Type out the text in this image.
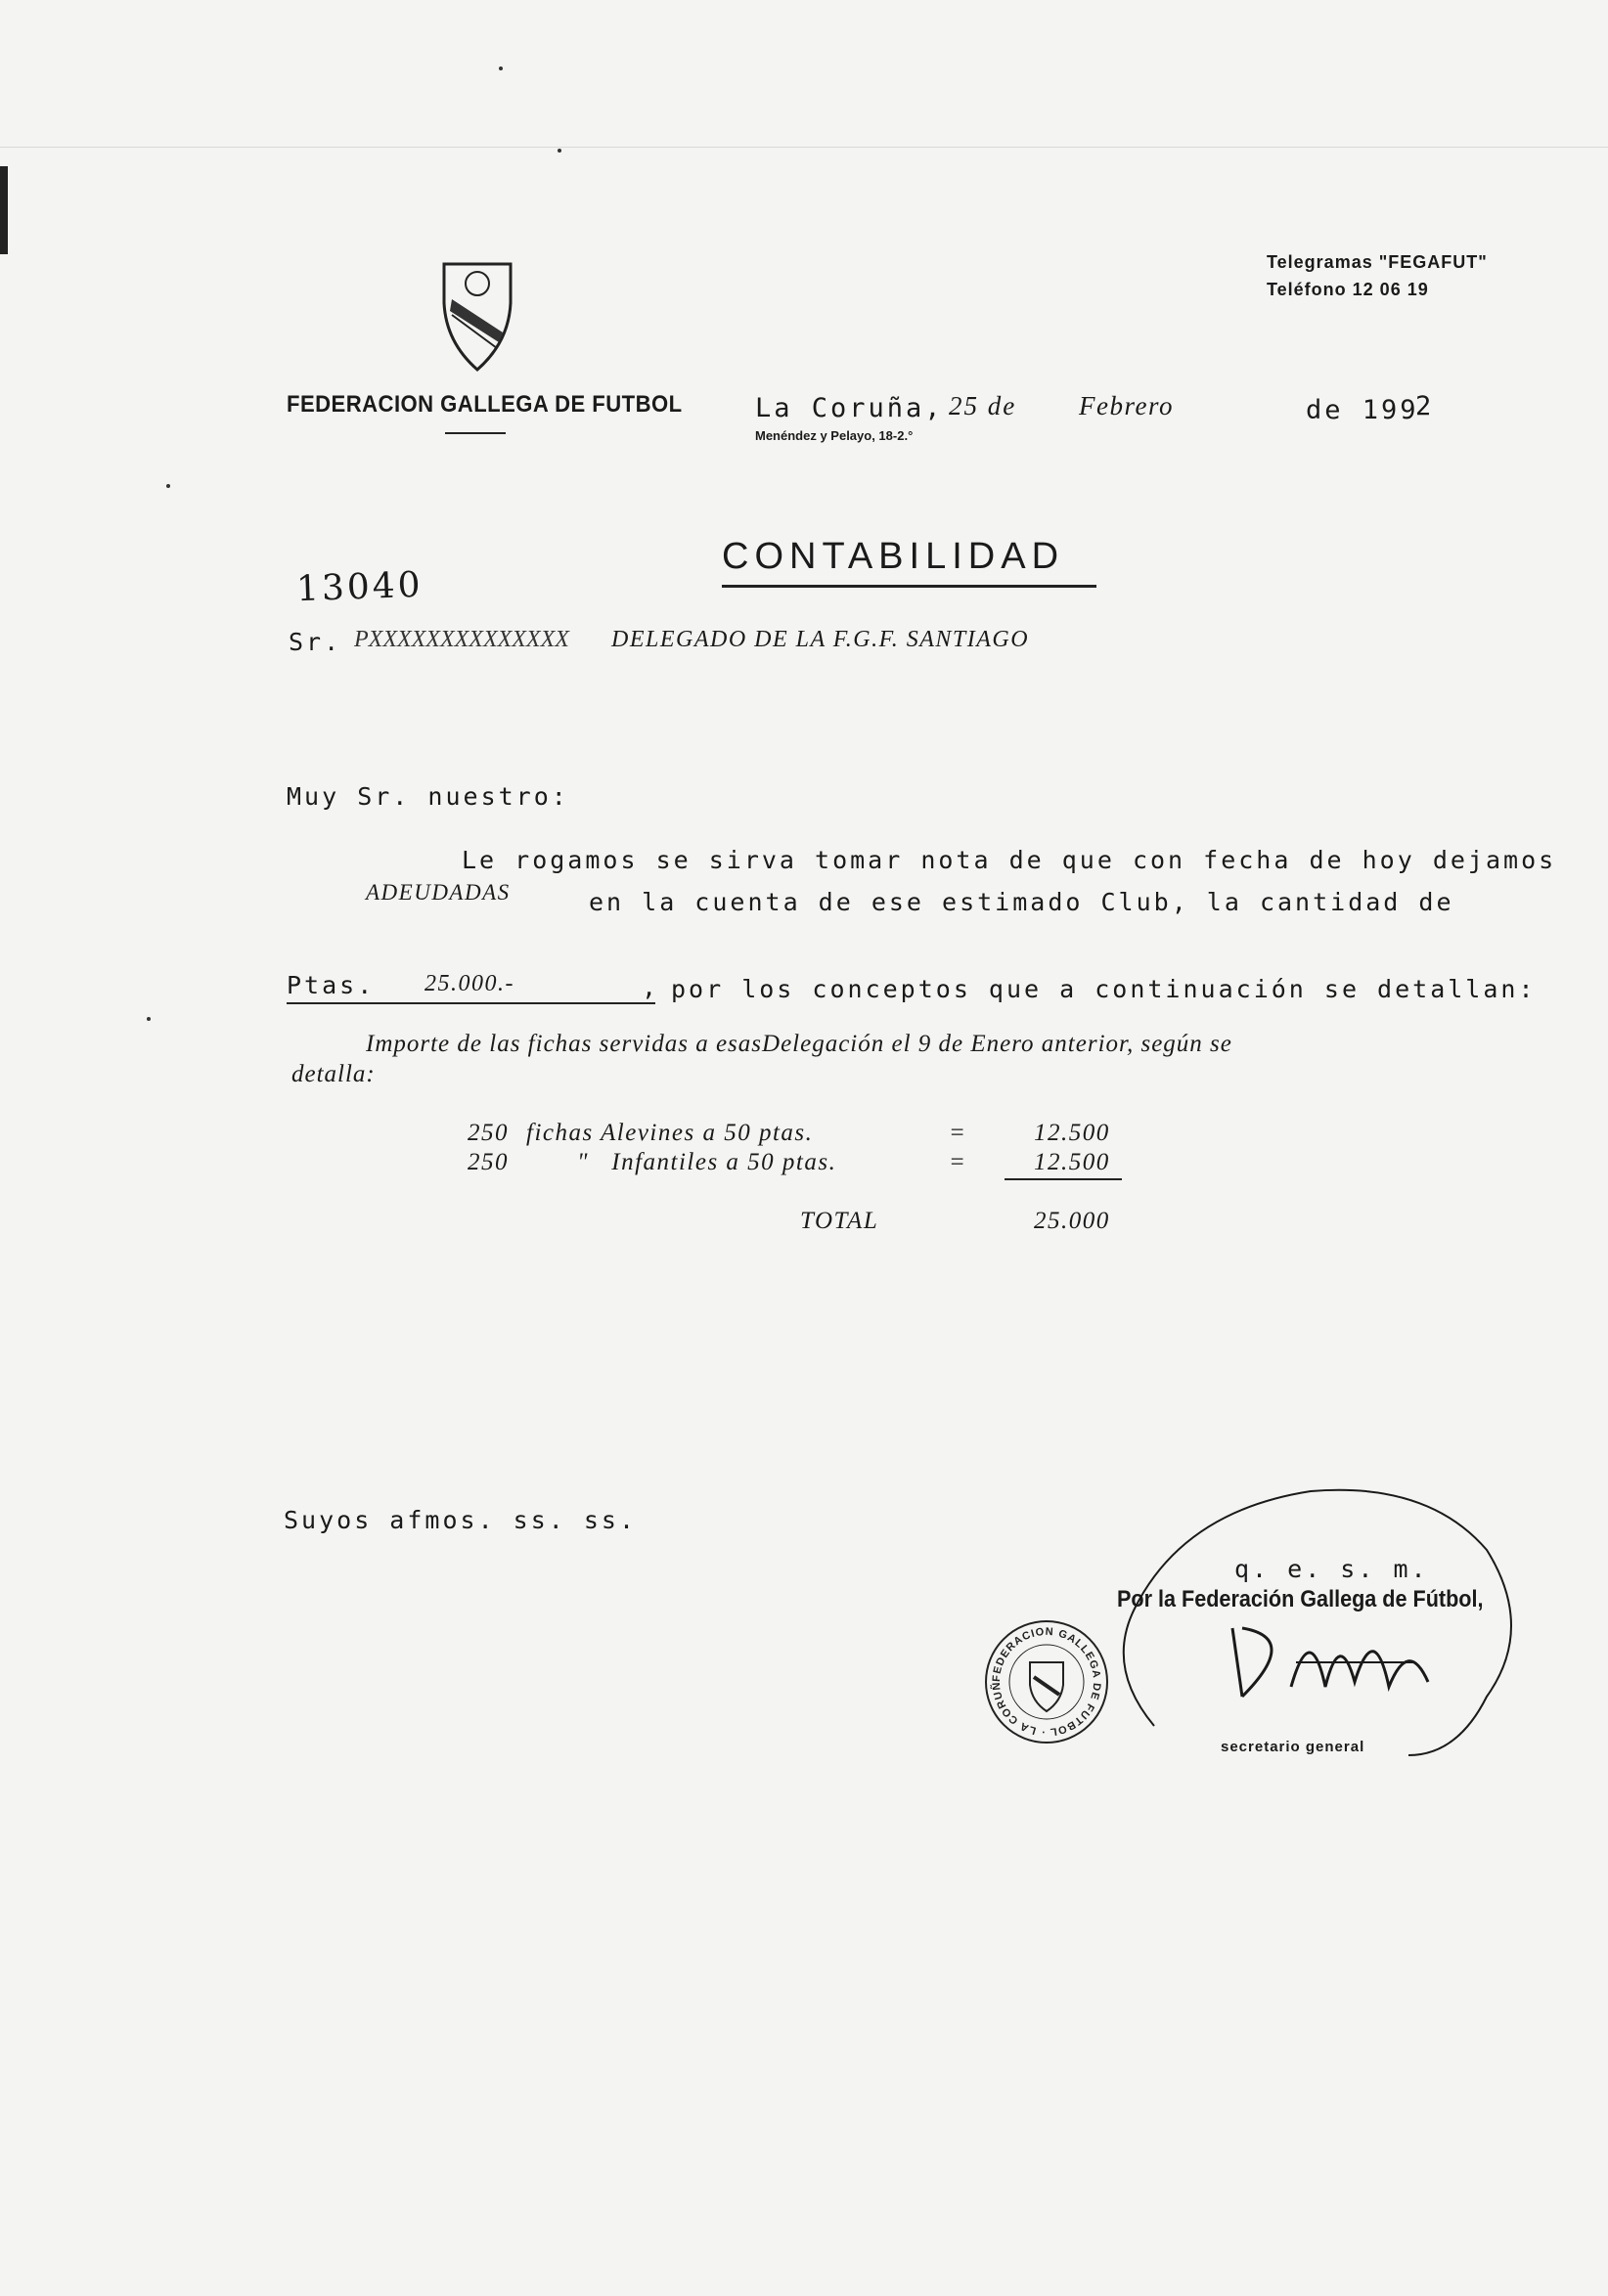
Telegramas "FEGAFUT"
Teléfono 12 06 19
FEDERACION GALLEGA DE FUTBOL	La Coruña, 25 de Febrero	de 199
2
Menéndez y Pelayo, 18-2.°
CONTABILIDAD
13040
Sr. PXXXXXXXXXXXXXX DELEGADO DE LA F.G.F. SANTIAGO
Muy Sr. nuestro:
Le rogamos se sirva tomar nota de que con fecha de hoy dejamos
ADEUDADAS	en la cuenta de ese estimado Club, la cantidad de
Ptas. 25.000.-	, por los conceptos que a continuación se detallan:
Importe de las fichas servidas a esasDelegación el 9 de Enero anterior, según se
detalla:
250 fichas Alevines a 50 ptas.	=	12.500
250	"   Infantiles a 50 ptas.	=	12.500
TOTAL	25.000
Suyos afmos. ss. ss.
q. e. s. m.
Por la Federación Gallega de Fútbol,
secretario general
FEDERACION GALLEGA DE FUTBOL · LA CORUÑ
